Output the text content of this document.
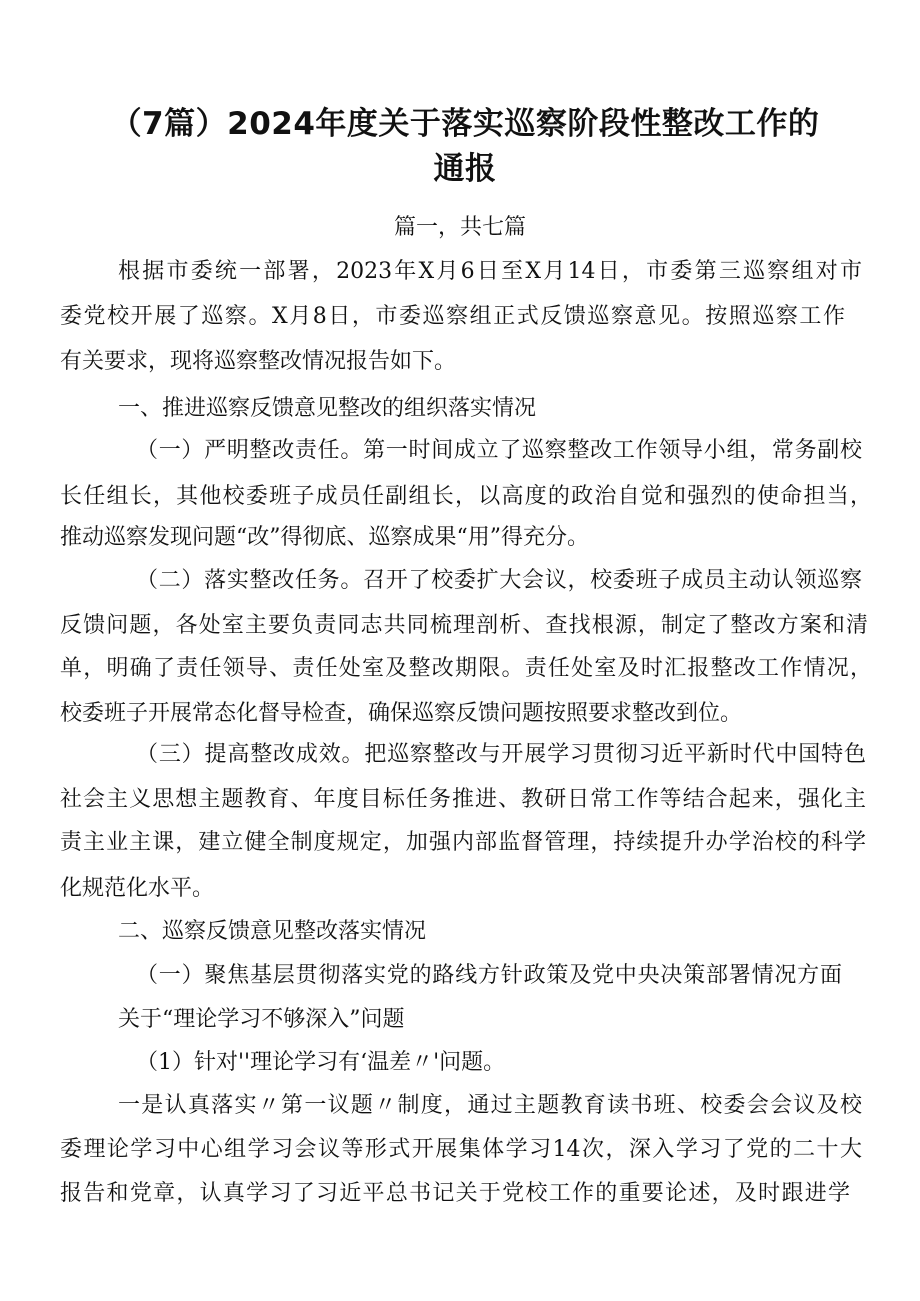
（7篇）2024年度关于落实巡察阶段性整改工作的通报
篇一，共七篇
根据市委统一部署，2023年X月6日至X月14日，市委第三巡察组对市
委党校开展了巡察。X月8日，市委巡察组正式反馈巡察意见。按照巡察工作
有关要求，现将巡察整改情况报告如下。
一、推进巡察反馈意见整改的组织落实情况
（一）严明整改责任。第一时间成立了巡察整改工作领导小组，常务副校
长任组长，其他校委班子成员任副组长，以高度的政治自觉和强烈的使命担当，
推动巡察发现问题“改”得彻底、巡察成果“用”得充分。
（二）落实整改任务。召开了校委扩大会议，校委班子成员主动认领巡察
反馈问题，各处室主要负责同志共同梳理剖析、查找根源，制定了整改方案和清
单，明确了责任领导、责任处室及整改期限。责任处室及时汇报整改工作情况，
校委班子开展常态化督导检查，确保巡察反馈问题按照要求整改到位。
（三）提高整改成效。把巡察整改与开展学习贯彻习近平新时代中国特色
社会主义思想主题教育、年度目标任务推进、教研日常工作等结合起来，强化主
责主业主课，建立健全制度规定，加强内部监督管理，持续提升办学治校的科学
化规范化水平。
二、巡察反馈意见整改落实情况
（一）聚焦基层贯彻落实党的路线方针政策及党中央决策部署情况方面
关于“理论学习不够深入”问题
（1）针对''理论学习有‘温差〃'问题。
一是认真落实〃第一议题〃制度，通过主题教育读书班、校委会会议及校
委理论学习中心组学习会议等形式开展集体学习14次，深入学习了党的二十大
报告和党章，认真学习了习近平总书记关于党校工作的重要论述，及时跟进学
